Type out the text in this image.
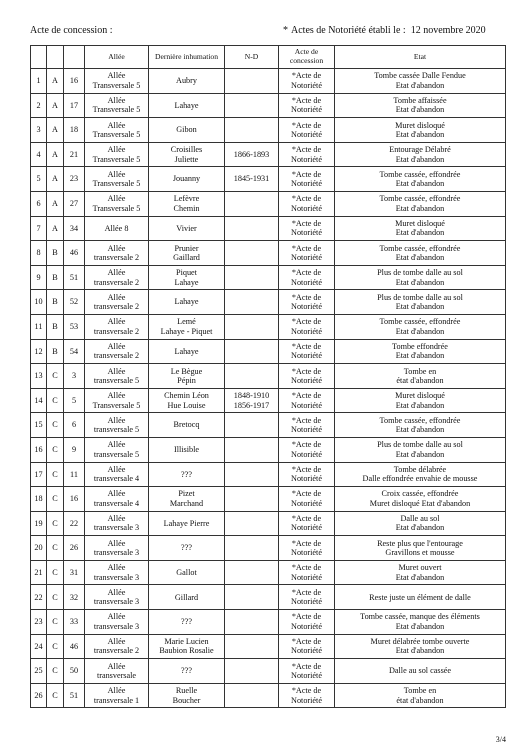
Acte de concession :	* Actes de Notoriété établi le : 12 novembre 2020
			Allée	Dernière inhumation	N-D	Acte de
concession	Etat
1	A	16	Allée
Transversale 5	Aubry		*Acte de
Notoriété	Tombe cassée Dalle Fendue
Etat d'abandon
2	A	17	Allée
Transversale 5	Lahaye		*Acte de
Notoriété	Tombe affaissée
Etat d'abandon
3	A	18	Allée
Transversale 5	Gibon		*Acte de
Notoriété	Muret disloqué
Etat d'abandon
4	A	21	Allée
Transversale 5	Croisilles
Juliette	1866-1893	*Acte de
Notoriété	Entourage Délabré
Etat d'abandon
5	A	23	Allée
Transversale 5	Jouanny	1845-1931	*Acte de
Notoriété	Tombe cassée, effondrée
Etat d'abandon
6	A	27	Allée
Transversale 5	Lefèvre
Chemin		*Acte de
Notoriété	Tombe cassée, effondrée
Etat d'abandon
7	A	34	Allée 8	Vivier		*Acte de
Notoriété	Muret disloqué
Etat d'abandon
8	B	46	Allée
transversale 2	Prunier
Gaillard		*Acte de
Notoriété	Tombe cassée, effondrée
Etat d'abandon
9	B	51	Allée
transversale 2	Piquet
Lahaye		*Acte de
Notoriété	Plus de tombe dalle au sol
Etat d'abandon
10	B	52	Allée
transversale 2	Lahaye		*Acte de
Notoriété	Plus de tombe dalle au sol
Etat d'abandon
11	B	53	Allée
transversale 2	Lemé
Lahaye - Piquet		*Acte de
Notoriété	Tombe cassée, effondrée
Etat d'abandon
12	B	54	Allée
transversale 2	Lahaye		*Acte de
Notoriété	Tombe effondrée
Etat d'abandon
13	C	3	Allée
transversale 5	Le Bègue
Pépin		*Acte de
Notoriété	Tombe en
état d'abandon
14	C	5	Allée
Transversale 5	Chemin Léon
Hue Louise	1848-1910
1856-1917	*Acte de
Notoriété	Muret disloqué
Etat d'abandon
15	C	6	Allée
transversale 5	Bretocq		*Acte de
Notoriété	Tombe cassée, effondrée
Etat d'abandon
16	C	9	Allée
transversale 5	Illisible		*Acte de
Notoriété	Plus de tombe dalle au sol
Etat d'abandon
17	C	11	Allée
transversale 4	???		*Acte de
Notoriété	Tombe délabrée
Dalle effondrée envahie de mousse
18	C	16	Allée
transversale 4	Pizet
Marchand		*Acte de
Notoriété	Croix cassée, effondrée
Muret disloqué Etat d'abandon
19	C	22	Allée
transversale 3	Lahaye Pierre		*Acte de
Notoriété	Dalle au sol
Etat d'abandon
20	C	26	Allée
transversale 3	???		*Acte de
Notoriété	Reste plus que l'entourage
Gravillons et mousse
21	C	31	Allée
transversale 3	Gallot		*Acte de
Notoriété	Muret ouvert
Etat d'abandon
22	C	32	Allée
transversale 3	Gillard		*Acte de
Notoriété	Reste juste un élément de dalle
23	C	33	Allée
transversale 3	???		*Acte de
Notoriété	Tombe cassée, manque des éléments
Etat d'abandon
24	C	46	Allée
transversale 2	Marie Lucien
Baubion Rosalie		*Acte de
Notoriété	Muret délabrée tombe ouverte
Etat d'abandon
25	C	50	Allée
transversale	???		*Acte de
Notoriété	Dalle au sol cassée
26	C	51	Allée
transversale 1	Ruelle
Boucher		*Acte de
Notoriété	Tombe en
état d'abandon
3/4
